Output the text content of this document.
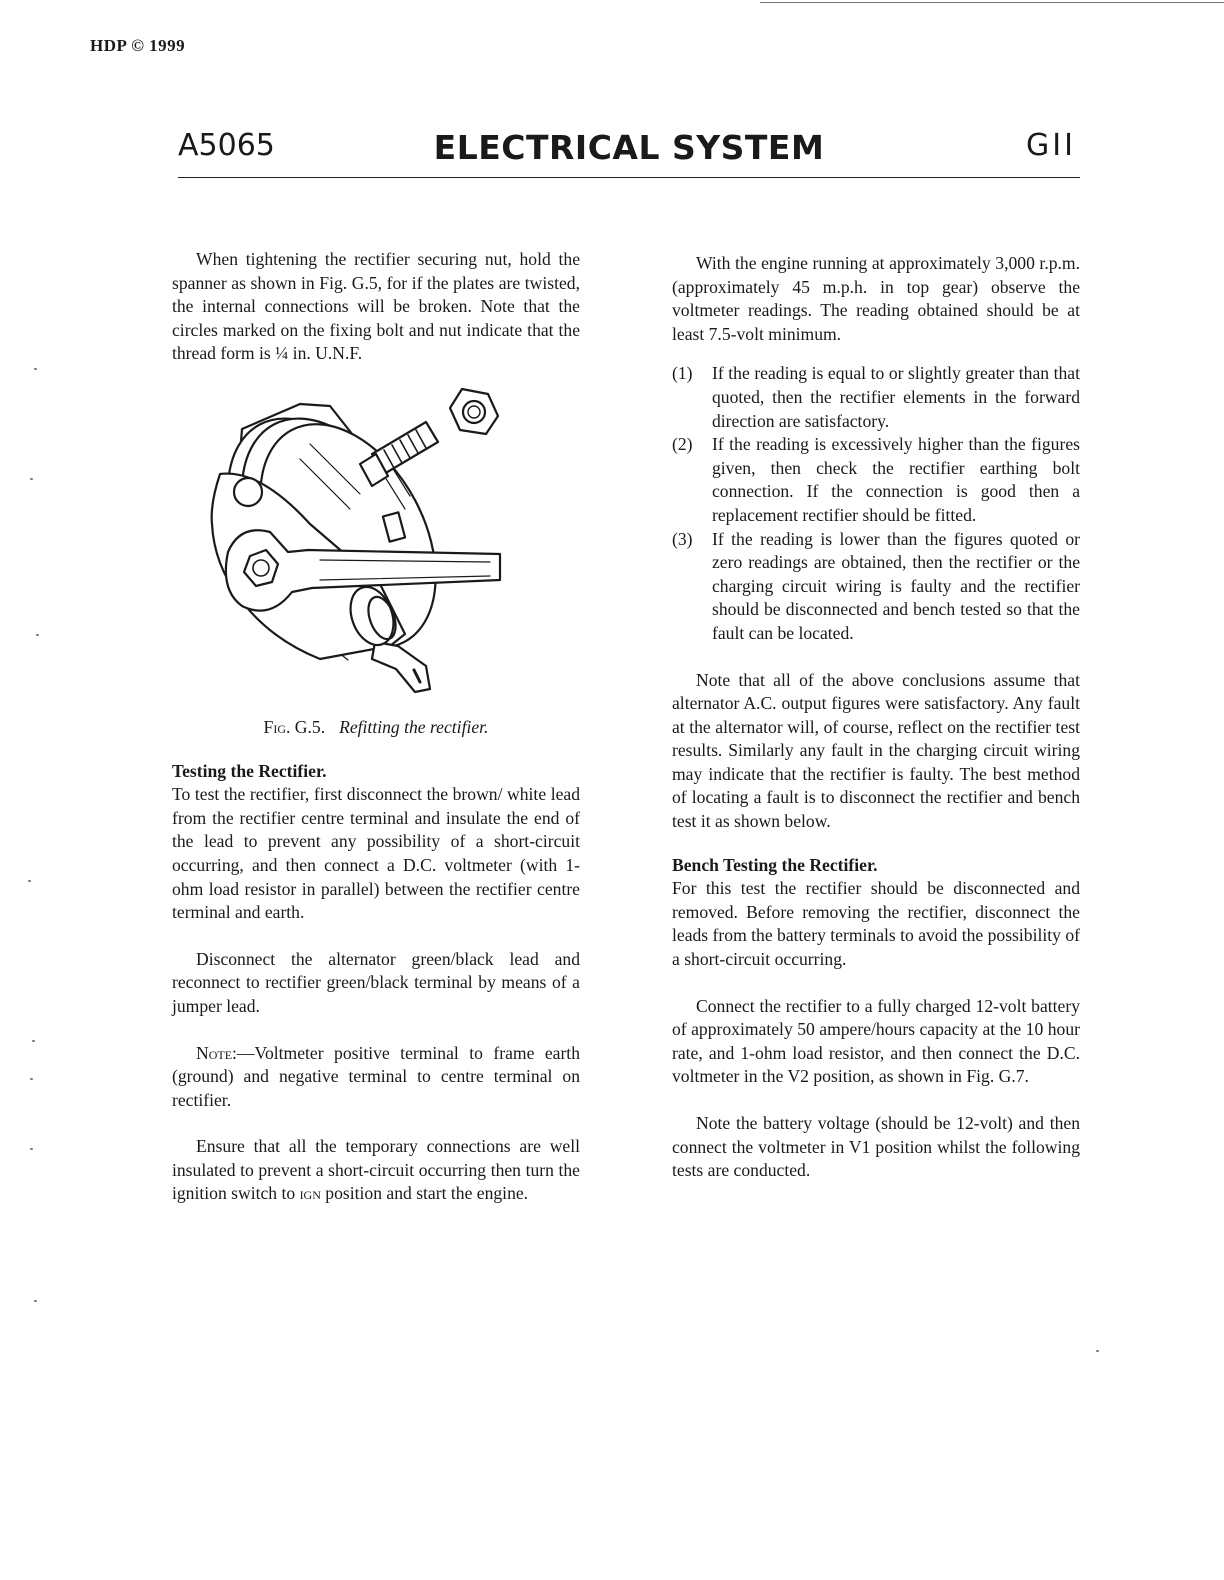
HDP © 1999
A5065	ELECTRICAL SYSTEM	GII

When tightening the rectifier securing nut, hold the spanner as shown in Fig. G.5, for if the plates are twisted, the internal connections will be broken. Note that the circles marked on the fixing bolt and nut indicate that the thread form is ¼ in. U.N.F.

Fig. G.5. Refitting the rectifier.

Testing the Rectifier.

To test the rectifier, first disconnect the brown/ white lead from the rectifier centre terminal and insulate the end of the lead to prevent any possibility of a short-circuit occurring, and then connect a D.C. voltmeter (with 1-ohm load resistor in parallel) between the rectifier centre terminal and earth.

Disconnect the alternator green/black lead and reconnect to rectifier green/black terminal by means of a jumper lead.

Note:—Voltmeter positive terminal to frame earth (ground) and negative terminal to centre terminal on rectifier.

Ensure that all the temporary connections are well insulated to prevent a short-circuit occurring then turn the ignition switch to ign position and start the engine.

With the engine running at approximately 3,000 r.p.m. (approximately 45 m.p.h. in top gear) observe the voltmeter readings. The reading obtained should be at least 7.5-volt minimum.

(1) If the reading is equal to or slightly greater than that quoted, then the rectifier elements in the forward direction are satisfactory.
(2) If the reading is excessively higher than the figures given, then check the rectifier earthing bolt connection. If the connection is good then a replacement rectifier should be fitted.
(3) If the reading is lower than the figures quoted or zero readings are obtained, then the rectifier or the charging circuit wiring is faulty and the rectifier should be disconnected and bench tested so that the fault can be located.

Note that all of the above conclusions assume that alternator A.C. output figures were satisfactory. Any fault at the alternator will, of course, reflect on the rectifier test results. Similarly any fault in the charging circuit wiring may indicate that the rectifier is faulty. The best method of locating a fault is to disconnect the rectifier and bench test it as shown below.

Bench Testing the Rectifier.

For this test the rectifier should be disconnected and removed. Before removing the rectifier, disconnect the leads from the battery terminals to avoid the possibility of a short-circuit occurring.

Connect the rectifier to a fully charged 12-volt battery of approximately 50 ampere/hours capacity at the 10 hour rate, and 1-ohm load resistor, and then connect the D.C. voltmeter in the V2 position, as shown in Fig. G.7.

Note the battery voltage (should be 12-volt) and then connect the voltmeter in V1 position whilst the following tests are conducted.
